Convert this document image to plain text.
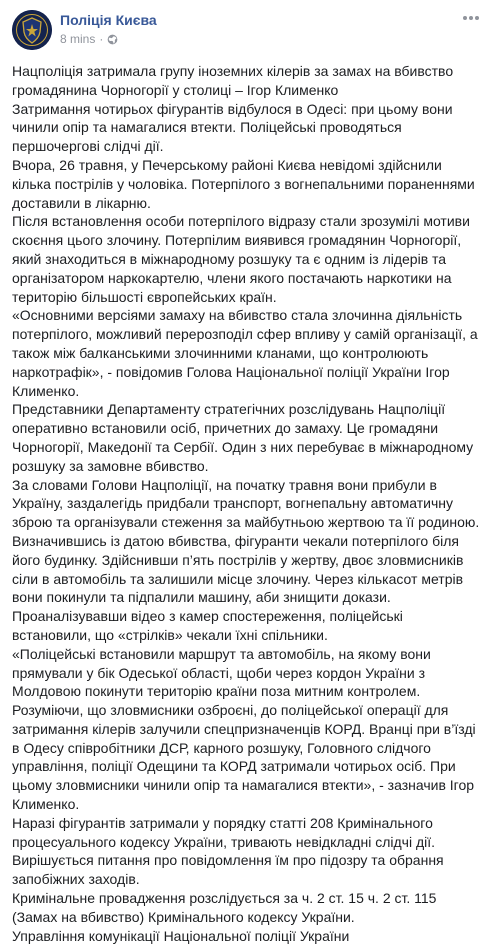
Поліція Києва
8 mins ·

Нацполіція затримала групу іноземних кілерів за замах на вбивство громадянина Чорногорії у столиці – Ігор Клименко

Затримання чотирьох фігурантів відбулося в Одесі: при цьому вони чинили опір та намагалися втекти. Поліцейські проводяться першочергові слідчі дії.

Вчора, 26 травня, у Печерському районі Києва невідомі здійснили кілька пострілів у чоловіка. Потерпілого з вогнепальними пораненнями доставили в лікарню.

Після встановлення особи потерпілого відразу стали зрозумілі мотиви скоєння цього злочину. Потерпілим виявився громадянин Чорногорії, який знаходиться в міжнародному розшуку та є одним із лідерів та організатором наркокартелю, члени якого постачають наркотики на територію більшості європейських країн.

«Основними версіями замаху на вбивство стала злочинна діяльність потерпілого, можливий перерозподіл сфер впливу у самій організації, а також між балканськими злочинними кланами, що контролюють наркотрафік», - повідомив Голова Національної поліції України Ігор Клименко.

Представники Департаменту стратегічних розслідувань Нацполіції оперативно встановили осіб, причетних до замаху. Це громадяни Чорногорії, Македонії та Сербії. Один з них перебуває в міжнародному розшуку за замовне вбивство.

За словами Голови Нацполіції, на початку травня вони прибули в Україну, заздалегідь придбали транспорт, вогнепальну автоматичну зброю та організували стеження за майбутньою жертвою та її родиною. Визначившись із датою вбивства, фігуранти чекали потерпілого біля його будинку. Здійснивши п’ять пострілів у жертву, двоє зловмисників сіли в автомобіль та залишили місце злочину. Через кількасот метрів вони покинули та підпалили машину, аби знищити докази.

Проаналізувавши відео з камер спостереження, поліцейські встановили, що «стрілків» чекали їхні спільники.

«Поліцейські встановили маршрут та автомобіль, на якому вони прямували у бік Одеської області, щоби через кордон України з Молдовою покинути територію країни поза митним контролем. Розуміючи, що зловмисники озброєні, до поліцейської операції для затримання кілерів залучили спецпризначенців КОРД. Вранці при в’їзді в Одесу співробітники ДСР, карного розшуку, Головного слідчого управління, поліції Одещини та КОРД затримали чотирьох осіб. При цьому зловмисники чинили опір та намагалися втекти», - зазначив Ігор Клименко.

Наразі фігурантів затримали у порядку статті 208 Кримінального процесуального кодексу України, тривають невідкладні слідчі дії. Вирішується питання про повідомлення їм про підозру та обрання запобіжних заходів.

Кримінальне провадження розслідується за ч. 2 ст. 15 ч. 2 ст. 115 (Замах на вбивство) Кримінального кодексу України.

Управління комунікації Національної поліції України
